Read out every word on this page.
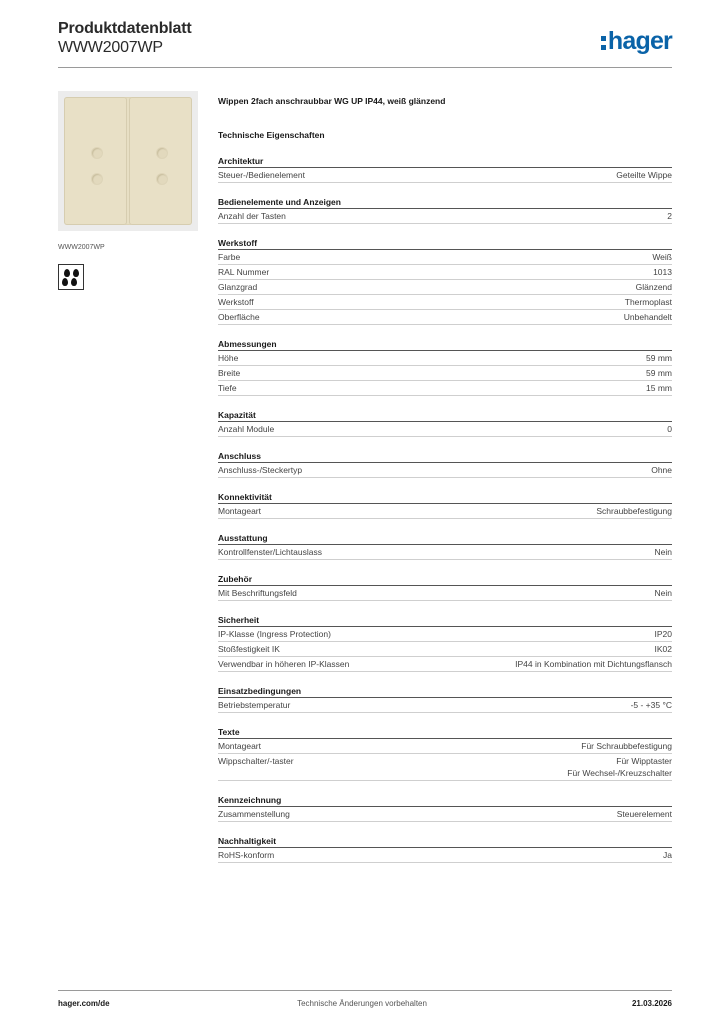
Produktdatenblatt
WWW2007WP	hager
WWW2007WP
Wippen 2fach anschraubbar WG UP IP44, weiß glänzend
Technische Eigenschaften
Architektur
Steuer-/Bedienelement	Geteilte Wippe
Bedienelemente und Anzeigen
Anzahl der Tasten	2
Werkstoff
Farbe	Weiß
RAL Nummer	1013
Glanzgrad	Glänzend
Werkstoff	Thermoplast
Oberfläche	Unbehandelt
Abmessungen
Höhe	59 mm
Breite	59 mm
Tiefe	15 mm
Kapazität
Anzahl Module	0
Anschluss
Anschluss-/Steckertyp	Ohne
Konnektivität
Montageart	Schraubbefestigung
Ausstattung
Kontrollfenster/Lichtauslass	Nein
Zubehör
Mit Beschriftungsfeld	Nein
Sicherheit
IP-Klasse (Ingress Protection)	IP20
Stoßfestigkeit IK	IK02
Verwendbar in höheren IP-Klassen	IP44 in Kombination mit Dichtungsflansch
Einsatzbedingungen
Betriebstemperatur	-5 - +35 °C
Texte
Montageart	Für Schraubbefestigung
Wippschalter/-taster	Für Wipptaster
Für Wechsel-/Kreuzschalter
Kennzeichnung
Zusammenstellung	Steuerelement
Nachhaltigkeit
RoHS-konform	Ja
hager.com/de	Technische Änderungen vorbehalten	21.03.2026
